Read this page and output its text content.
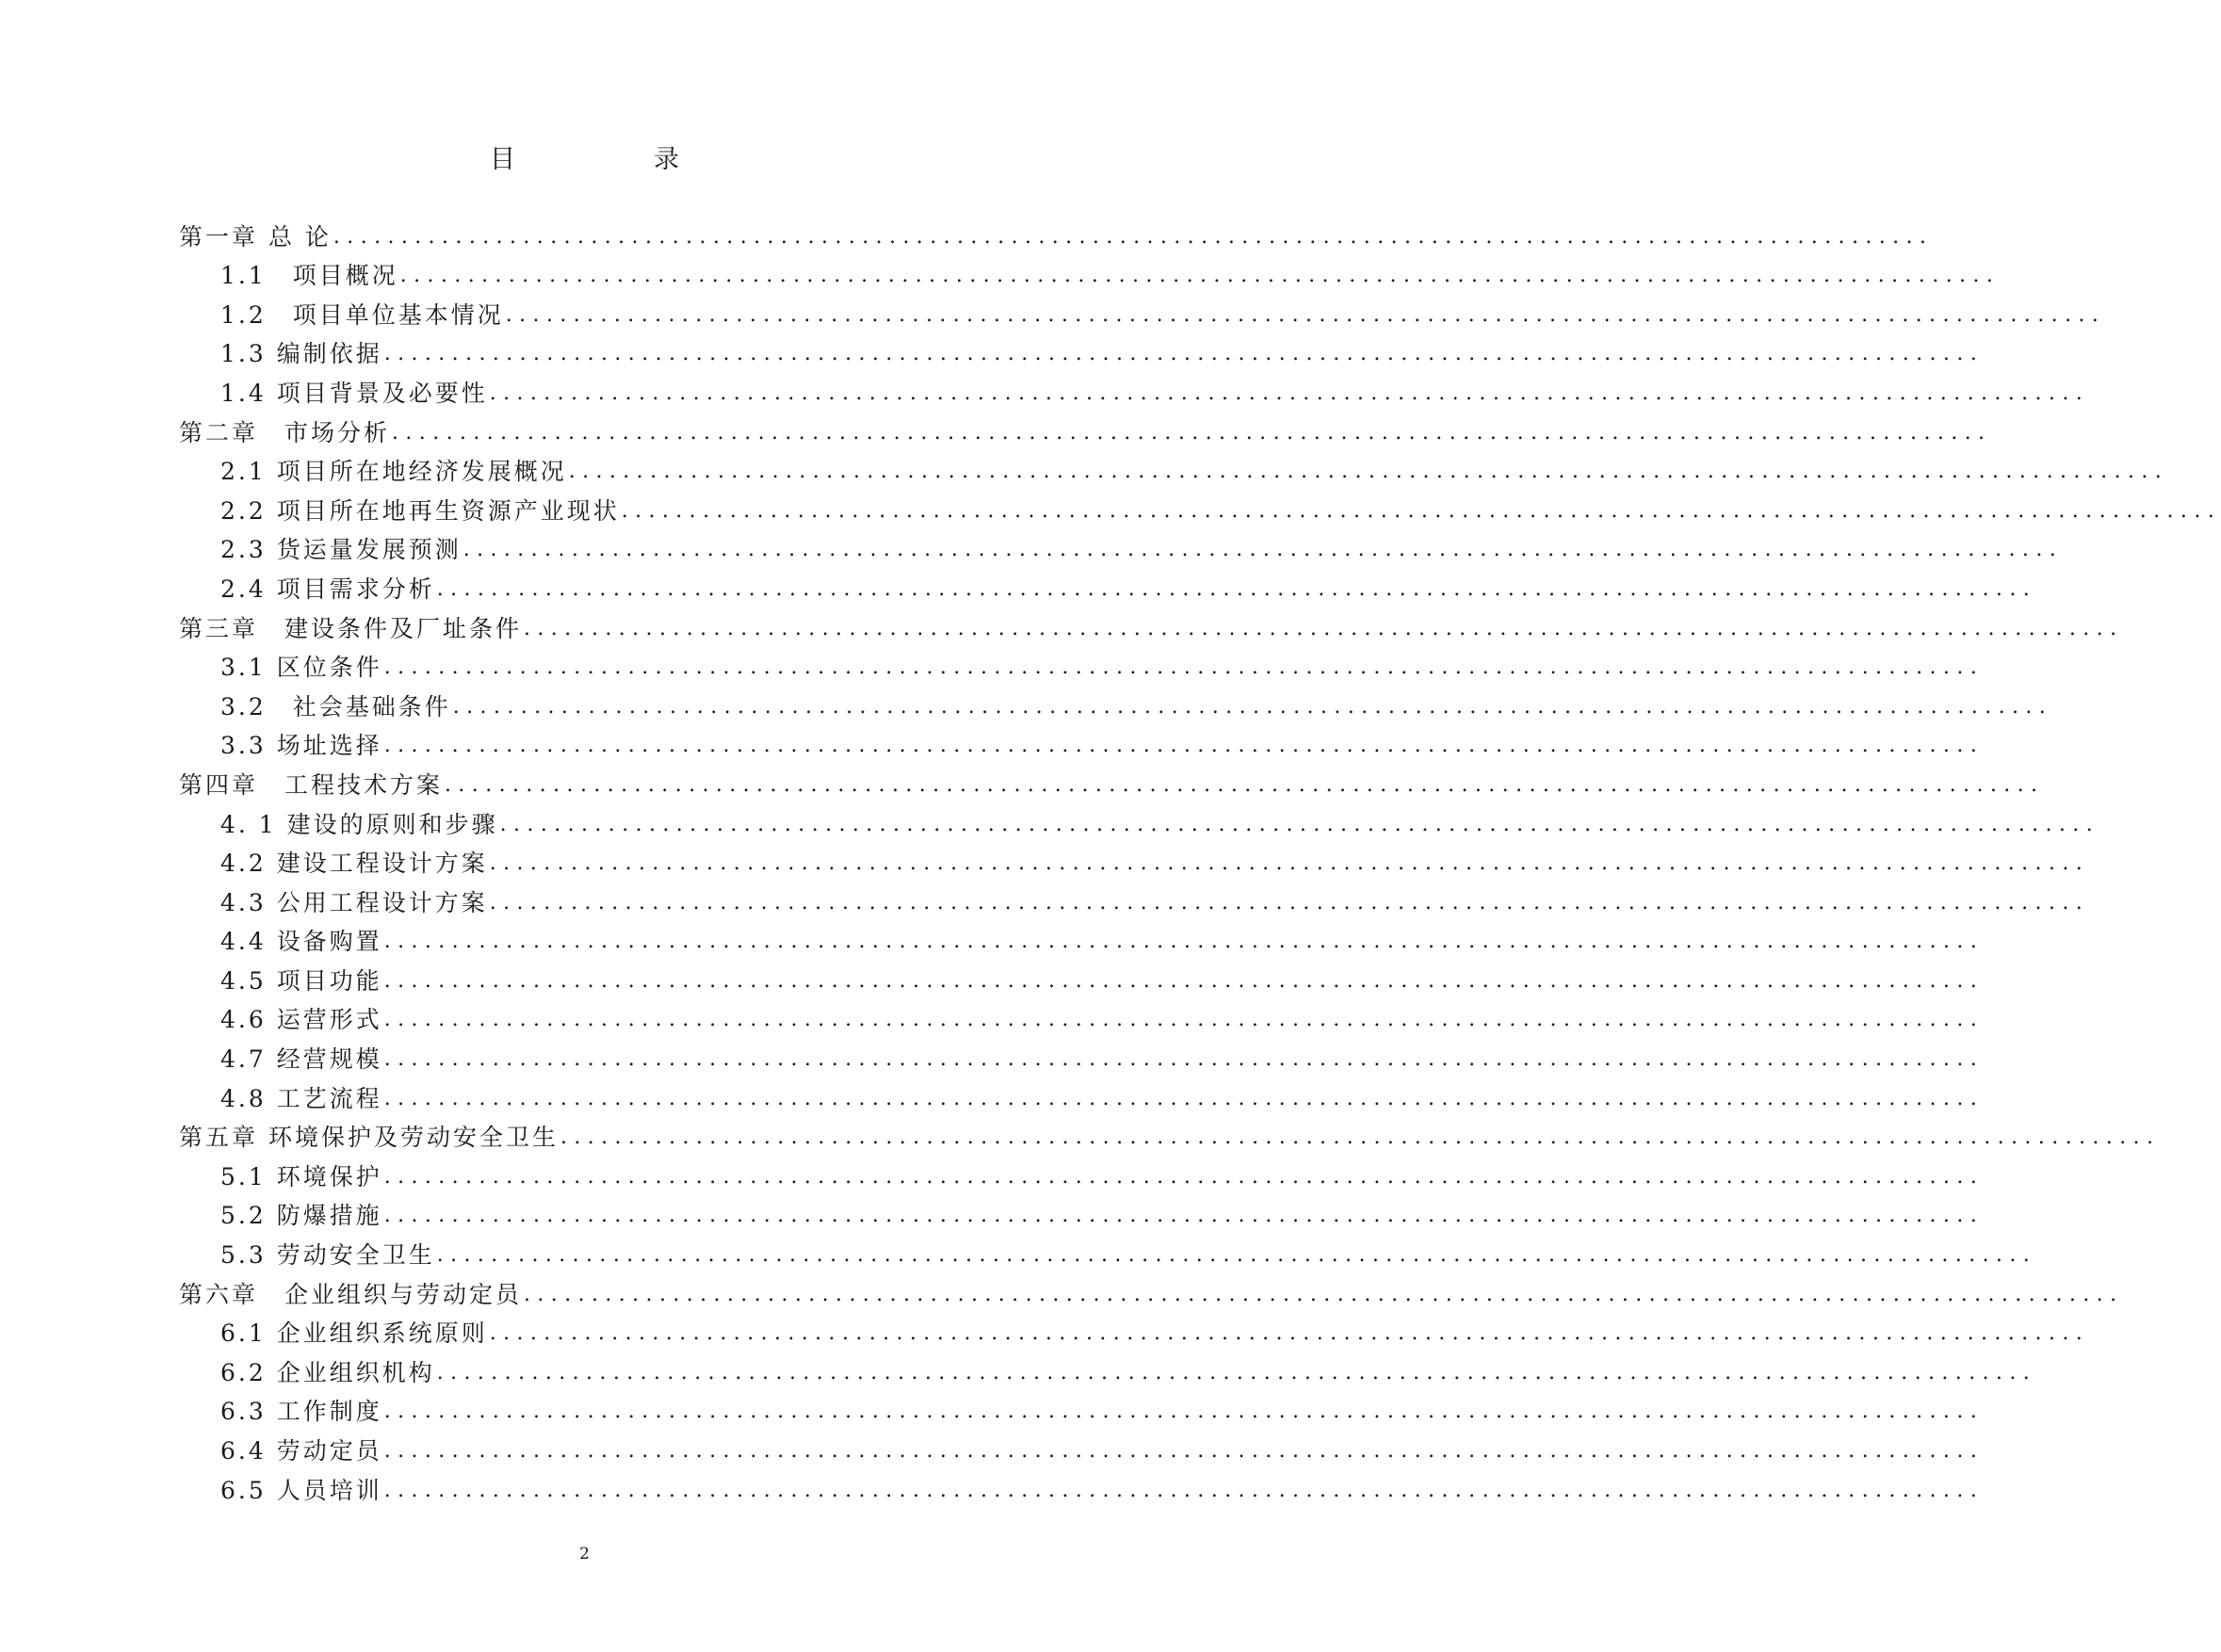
目　录
第一章 总 论 ......................................................................................................................
1.1　项目概况 ......................................................................................................................
1.2　项目单位基本情况 ......................................................................................................................
1.3 编制依据 ......................................................................................................................
1.4 项目背景及必要性 ......................................................................................................................
第二章　市场分析 ......................................................................................................................
2.1 项目所在地经济发展概况 ......................................................................................................................
2.2 项目所在地再生资源产业现状 ......................................................................................................................
2.3 货运量发展预测 ......................................................................................................................
2.4 项目需求分析 ......................................................................................................................
第三章　建设条件及厂址条件 ......................................................................................................................
3.1 区位条件 ......................................................................................................................
3.2　社会基础条件 ......................................................................................................................
3.3 场址选择 ......................................................................................................................
第四章　工程技术方案 ......................................................................................................................
4. 1 建设的原则和步骤 ......................................................................................................................
4.2 建设工程设计方案 ......................................................................................................................
4.3 公用工程设计方案 ......................................................................................................................
4.4 设备购置 ......................................................................................................................
4.5 项目功能 ......................................................................................................................
4.6 运营形式 ......................................................................................................................
4.7 经营规模 ......................................................................................................................
4.8 工艺流程 ......................................................................................................................
第五章 环境保护及劳动安全卫生 ......................................................................................................................
5.1 环境保护 ......................................................................................................................
5.2 防爆措施 ......................................................................................................................
5.3 劳动安全卫生 ......................................................................................................................
第六章　企业组织与劳动定员 ......................................................................................................................
6.1 企业组织系统原则 ......................................................................................................................
6.2 企业组织机构 ......................................................................................................................
6.3 工作制度 ......................................................................................................................
6.4 劳动定员 ......................................................................................................................
6.5 人员培训 ......................................................................................................................
2
